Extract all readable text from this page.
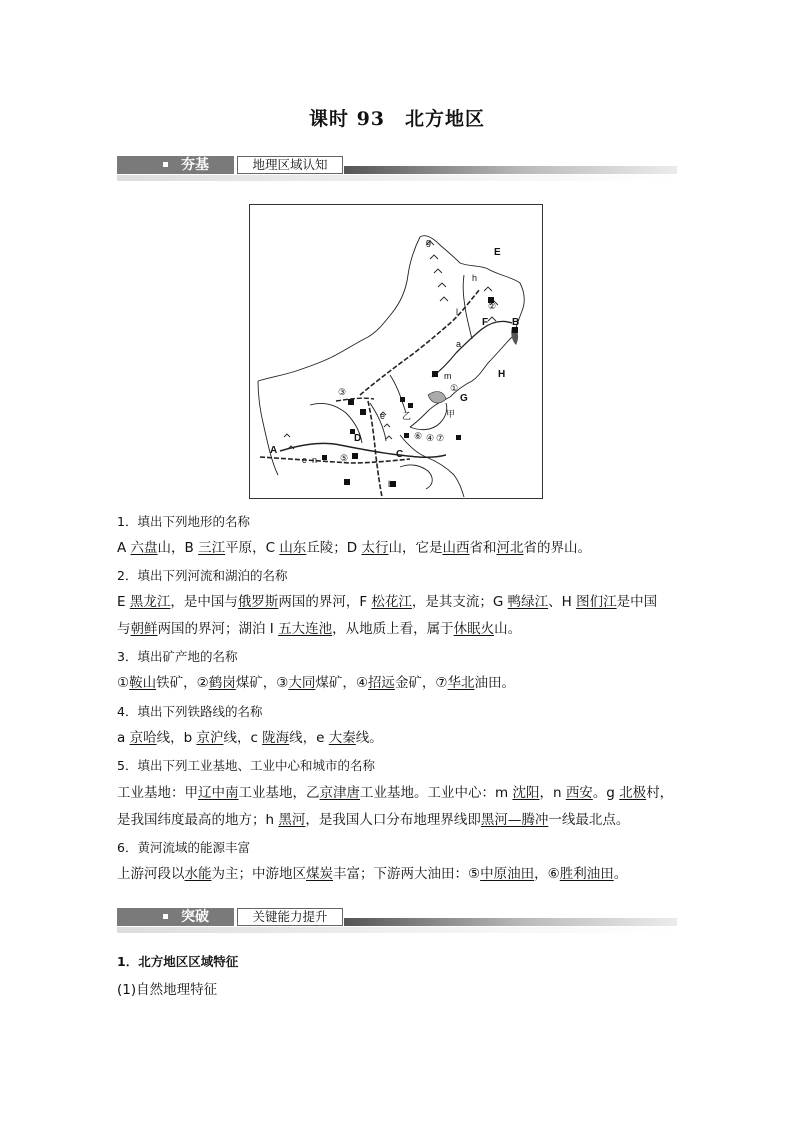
课时 93 北方地区
夯基	地理区域认知
E
②
B
F
H
g
h
l
a
m
①
G
甲
③
乙
e
D	⑥ ④ ⑦
⑤	C
A
c n
b
1．填出下列地形的名称
A 六盘山，B 三江平原，C 山东丘陵；D 太行山，它是山西省和河北省的界山。
2．填出下列河流和湖泊的名称
E 黑龙江，是中国与俄罗斯两国的界河，F 松花江，是其支流；G 鸭绿江、H 图们江是中国
与朝鲜两国的界河；湖泊 I 五大连池，从地质上看，属于休眠火山。
3．填出矿产地的名称
①鞍山铁矿，②鹤岗煤矿，③大同煤矿，④招远金矿，⑦华北油田。
4．填出下列铁路线的名称
a 京哈线，b 京沪线，c 陇海线，e 大秦线。
5．填出下列工业基地、工业中心和城市的名称
工业基地：甲辽中南工业基地，乙京津唐工业基地。工业中心：m 沈阳，n 西安。g 北极村，
是我国纬度最高的地方；h 黑河，是我国人口分布地理界线即黑河—腾冲一线最北点。
6．黄河流域的能源丰富
上游河段以水能为主；中游地区煤炭丰富；下游两大油田：⑤中原油田，⑥胜利油田。
突破	关键能力提升
1．北方地区区域特征
(1)自然地理特征
